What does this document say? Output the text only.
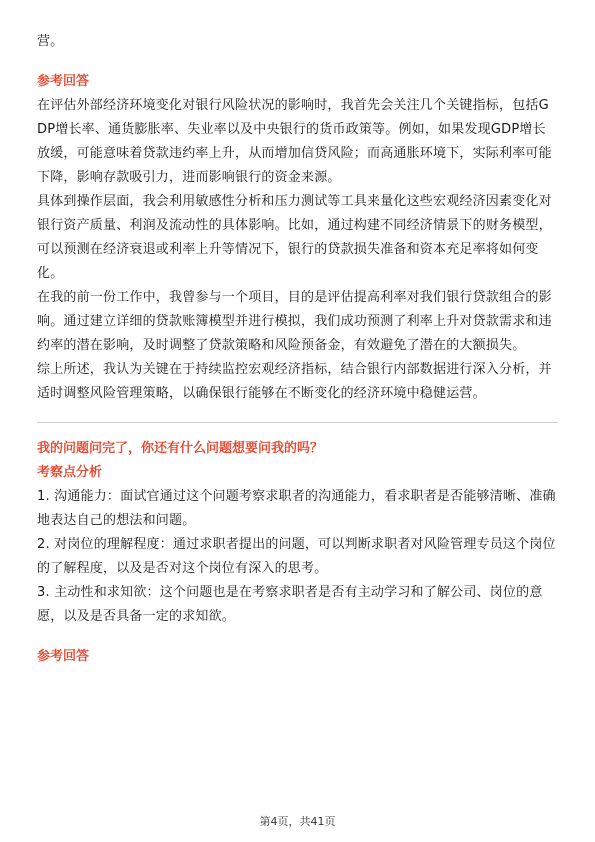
营。

参考回答

在评估外部经济环境变化对银行风险状况的影响时，我首先会关注几个关键指标，包括GDP增长率、通货膨胀率、失业率以及中央银行的货币政策等。例如，如果发现GDP增长放缓，可能意味着贷款违约率上升，从而增加信贷风险；而高通胀环境下，实际利率可能下降，影响存款吸引力，进而影响银行的资金来源。

具体到操作层面，我会利用敏感性分析和压力测试等工具来量化这些宏观经济因素变化对银行资产质量、利润及流动性的具体影响。比如，通过构建不同经济情景下的财务模型，可以预测在经济衰退或利率上升等情况下，银行的贷款损失准备和资本充足率将如何变化。

在我的前一份工作中，我曾参与一个项目，目的是评估提高利率对我们银行贷款组合的影响。通过建立详细的贷款账簿模型并进行模拟，我们成功预测了利率上升对贷款需求和违约率的潜在影响，及时调整了贷款策略和风险预备金，有效避免了潜在的大额损失。

综上所述，我认为关键在于持续监控宏观经济指标，结合银行内部数据进行深入分析，并适时调整风险管理策略，以确保银行能够在不断变化的经济环境中稳健运营。

我的问题问完了，你还有什么问题想要问我的吗？

考察点分析

1. 沟通能力：面试官通过这个问题考察求职者的沟通能力，看求职者是否能够清晰、准确地表达自己的想法和问题。

2. 对岗位的理解程度：通过求职者提出的问题，可以判断求职者对风险管理专员这个岗位的了解程度，以及是否对这个岗位有深入的思考。

3. 主动性和求知欲：这个问题也是在考察求职者是否有主动学习和了解公司、岗位的意愿，以及是否具备一定的求知欲。

参考回答

第4页，共41页
